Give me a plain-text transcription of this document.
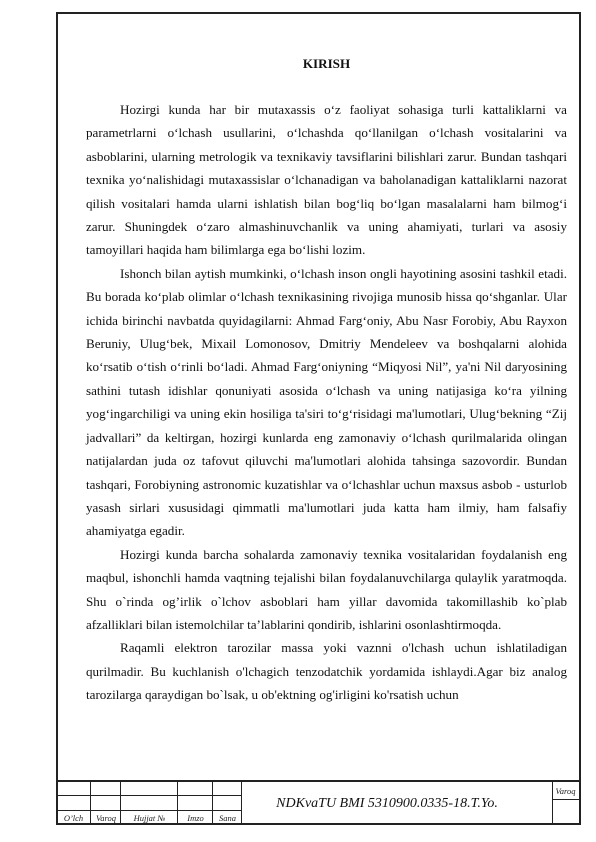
KIRISH

Hozirgi kunda har bir mutaxassis o‘z faoliyat sohasiga turli kattaliklarni va parametrlarni o‘lchash usullarini, o‘lchashda qo‘llanilgan o‘lchash vositalarini va asboblarini, ularning metrologik va texnikaviy tavsiflarini bilishlari zarur. Bundan tashqari texnika yo‘nalishidagi mutaxassislar o‘lchanadigan va baholanadigan kattaliklarni nazorat qilish vositalari hamda ularni ishlatish bilan bog‘liq bo‘lgan masalalarni ham bilmog‘i zarur. Shuningdek o‘zaro almashinuvchanlik va uning ahamiyati, turlari va asosiy tamoyillari haqida ham bilimlarga ega bo‘lishi lozim.

Ishonch bilan aytish mumkinki, o‘lchash inson ongli hayotining asosini tashkil etadi. Bu borada ko‘plab olimlar o‘lchash texnikasining rivojiga munosib hissa qo‘shganlar. Ular ichida birinchi navbatda quyidagilarni: Ahmad Farg‘oniy, Abu Nasr Forobiy, Abu Rayxon Beruniy, Ulug‘bek, Mixail Lomonosov, Dmitriy Mendeleev va boshqalarni alohida ko‘rsatib o‘tish o‘rinli bo‘ladi. Ahmad Farg‘oniyning “Miqyosi Nil”, ya'ni Nil daryosining sathini tutash idishlar qonuniyati asosida o‘lchash va uning natijasiga ko‘ra yilning yog‘ingarchiligi va uning ekin hosiliga ta'siri to‘g‘risidagi ma'lumotlari, Ulug‘bekning “Zij jadvallari” da keltirgan, hozirgi kunlarda eng zamonaviy o‘lchash qurilmalarida olingan natijalardan juda oz tafovut qiluvchi ma'lumotlari alohida tahsinga sazovordir. Bundan tashqari, Forobiyning astronomic kuzatishlar va o‘lchashlar uchun maxsus asbob - usturlob yasash sirlari xususidagi qimmatli ma'lumotlari juda katta ham ilmiy, ham falsafiy ahamiyatga egadir.

Hozirgi kunda barcha sohalarda zamonaviy texnika vositalaridan foydalanish eng maqbul, ishonchli hamda vaqtning tejalishi bilan foydalanuvchilarga qulaylik yaratmoqda. Shu o`rinda og’irlik o`lchov asboblari ham yillar davomida takomillashib ko`plab afzalliklari bilan istemolchilar ta’lablarini qondirib, ishlarini osonlashtirmoqda.

Raqamli elektron tarozilar massa yoki vaznni o'lchash uchun ishlatiladigan qurilmadir. Bu kuchlanish o'lchagich tenzodatchik yordamida ishlaydi.Agar biz analog tarozilarga qaraydigan bo`lsak, u ob'ektning og'irligini ko'rsatish uchun

O’lch	Varoq	Hujjat №	Imzo	Sana
NDKvaTU BMI 5310900.0335-18.T.Yo.
Varoq
